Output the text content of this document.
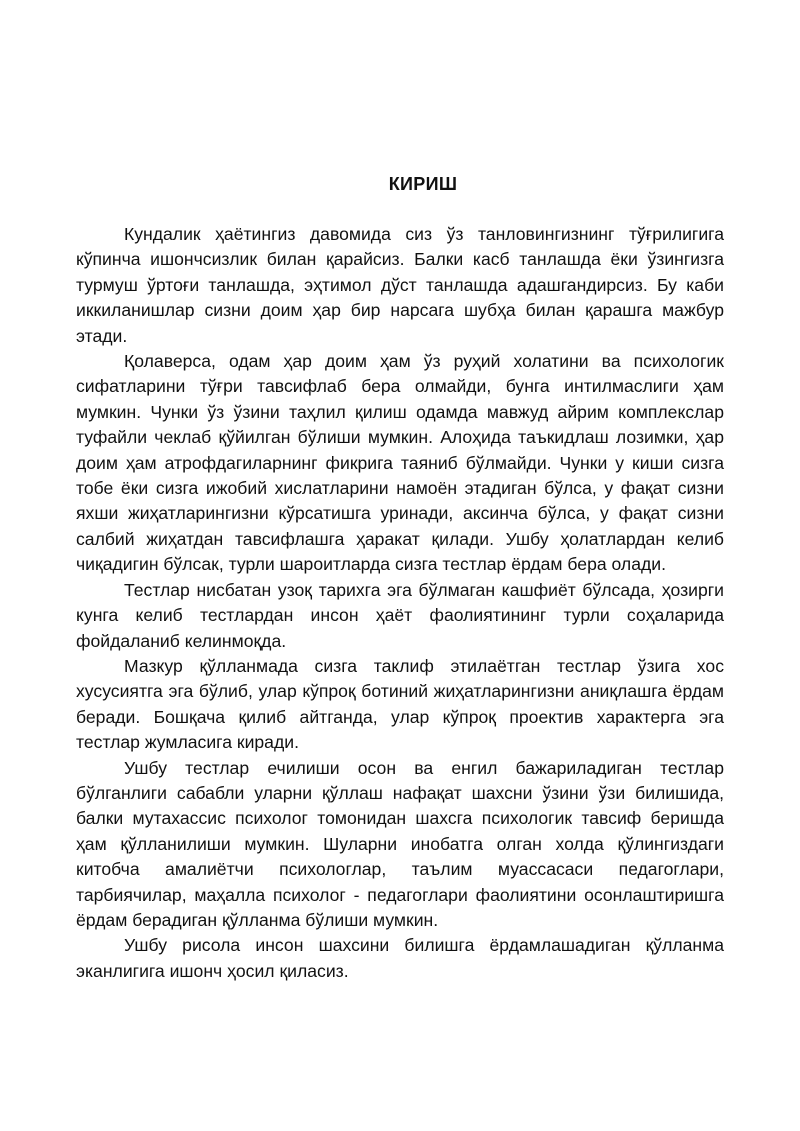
КИРИШ

Кундалик ҳаётингиз давомида сиз ўз танловингизнинг тўғрилигига кўпинча ишончсизлик билан қарайсиз. Балки касб танлашда ёки ўзингизга турмуш ўртоғи танлашда, эҳтимол дўст танлашда адашгандирсиз. Бу каби иккиланишлар сизни доим ҳар бир нарсага шубҳа билан қарашга мажбур этади.

Қолаверса, одам ҳар доим ҳам ўз руҳий холатини ва психологик сифатларини тўғри тавсифлаб бера олмайди, бунга интилмаслиги ҳам мумкин. Чунки ўз ўзини таҳлил қилиш одамда мавжуд айрим комплекслар туфайли чеклаб қўйилган бўлиши мумкин. Алоҳида таъкидлаш лозимки, ҳар доим ҳам атрофдагиларнинг фикрига таяниб бўлмайди. Чунки у киши сизга тобе ёки сизга ижобий хислатларини намоён этадиган бўлса, у фақат сизни яхши жиҳатларингизни кўрсатишга уринади, аксинча бўлса, у фақат сизни салбий жиҳатдан тавсифлашга ҳаракат қилади. Ушбу ҳолатлардан келиб чиқадигин бўлсак, турли шароитларда сизга тестлар ёрдам бера олади.

Тестлар нисбатан узоқ тарихга эга бўлмаган кашфиёт бўлсада, ҳозирги кунга келиб тестлардан инсон ҳаёт фаолиятининг турли соҳаларида фойдаланиб келинмоқда.

Мазкур қўлланмада сизга таклиф этилаётган тестлар ўзига хос хусусиятга эга бўлиб, улар кўпроқ ботиний жиҳатларингизни аниқлашга ёрдам беради. Бошқача қилиб айтганда, улар кўпроқ проектив характерга эга тестлар жумласига киради.

Ушбу тестлар ечилиши осон ва енгил бажариладиган тестлар бўлганлиги сабабли уларни қўллаш нафақат шахсни ўзини ўзи билишида, балки мутахассис психолог томонидан шахсга психологик тавсиф беришда ҳам қўлланилиши мумкин. Шуларни инобатга олган холда қўлингиздаги китобча амалиётчи психологлар, таълим муассасаси педагоглари, тарбиячилар, маҳалла психолог - педагоглари фаолиятини осонлаштиришга ёрдам берадиган қўлланма бўлиши мумкин.

Ушбу рисола инсон шахсини билишга ёрдамлашадиган қўлланма эканлигига ишонч ҳосил қиласиз.
